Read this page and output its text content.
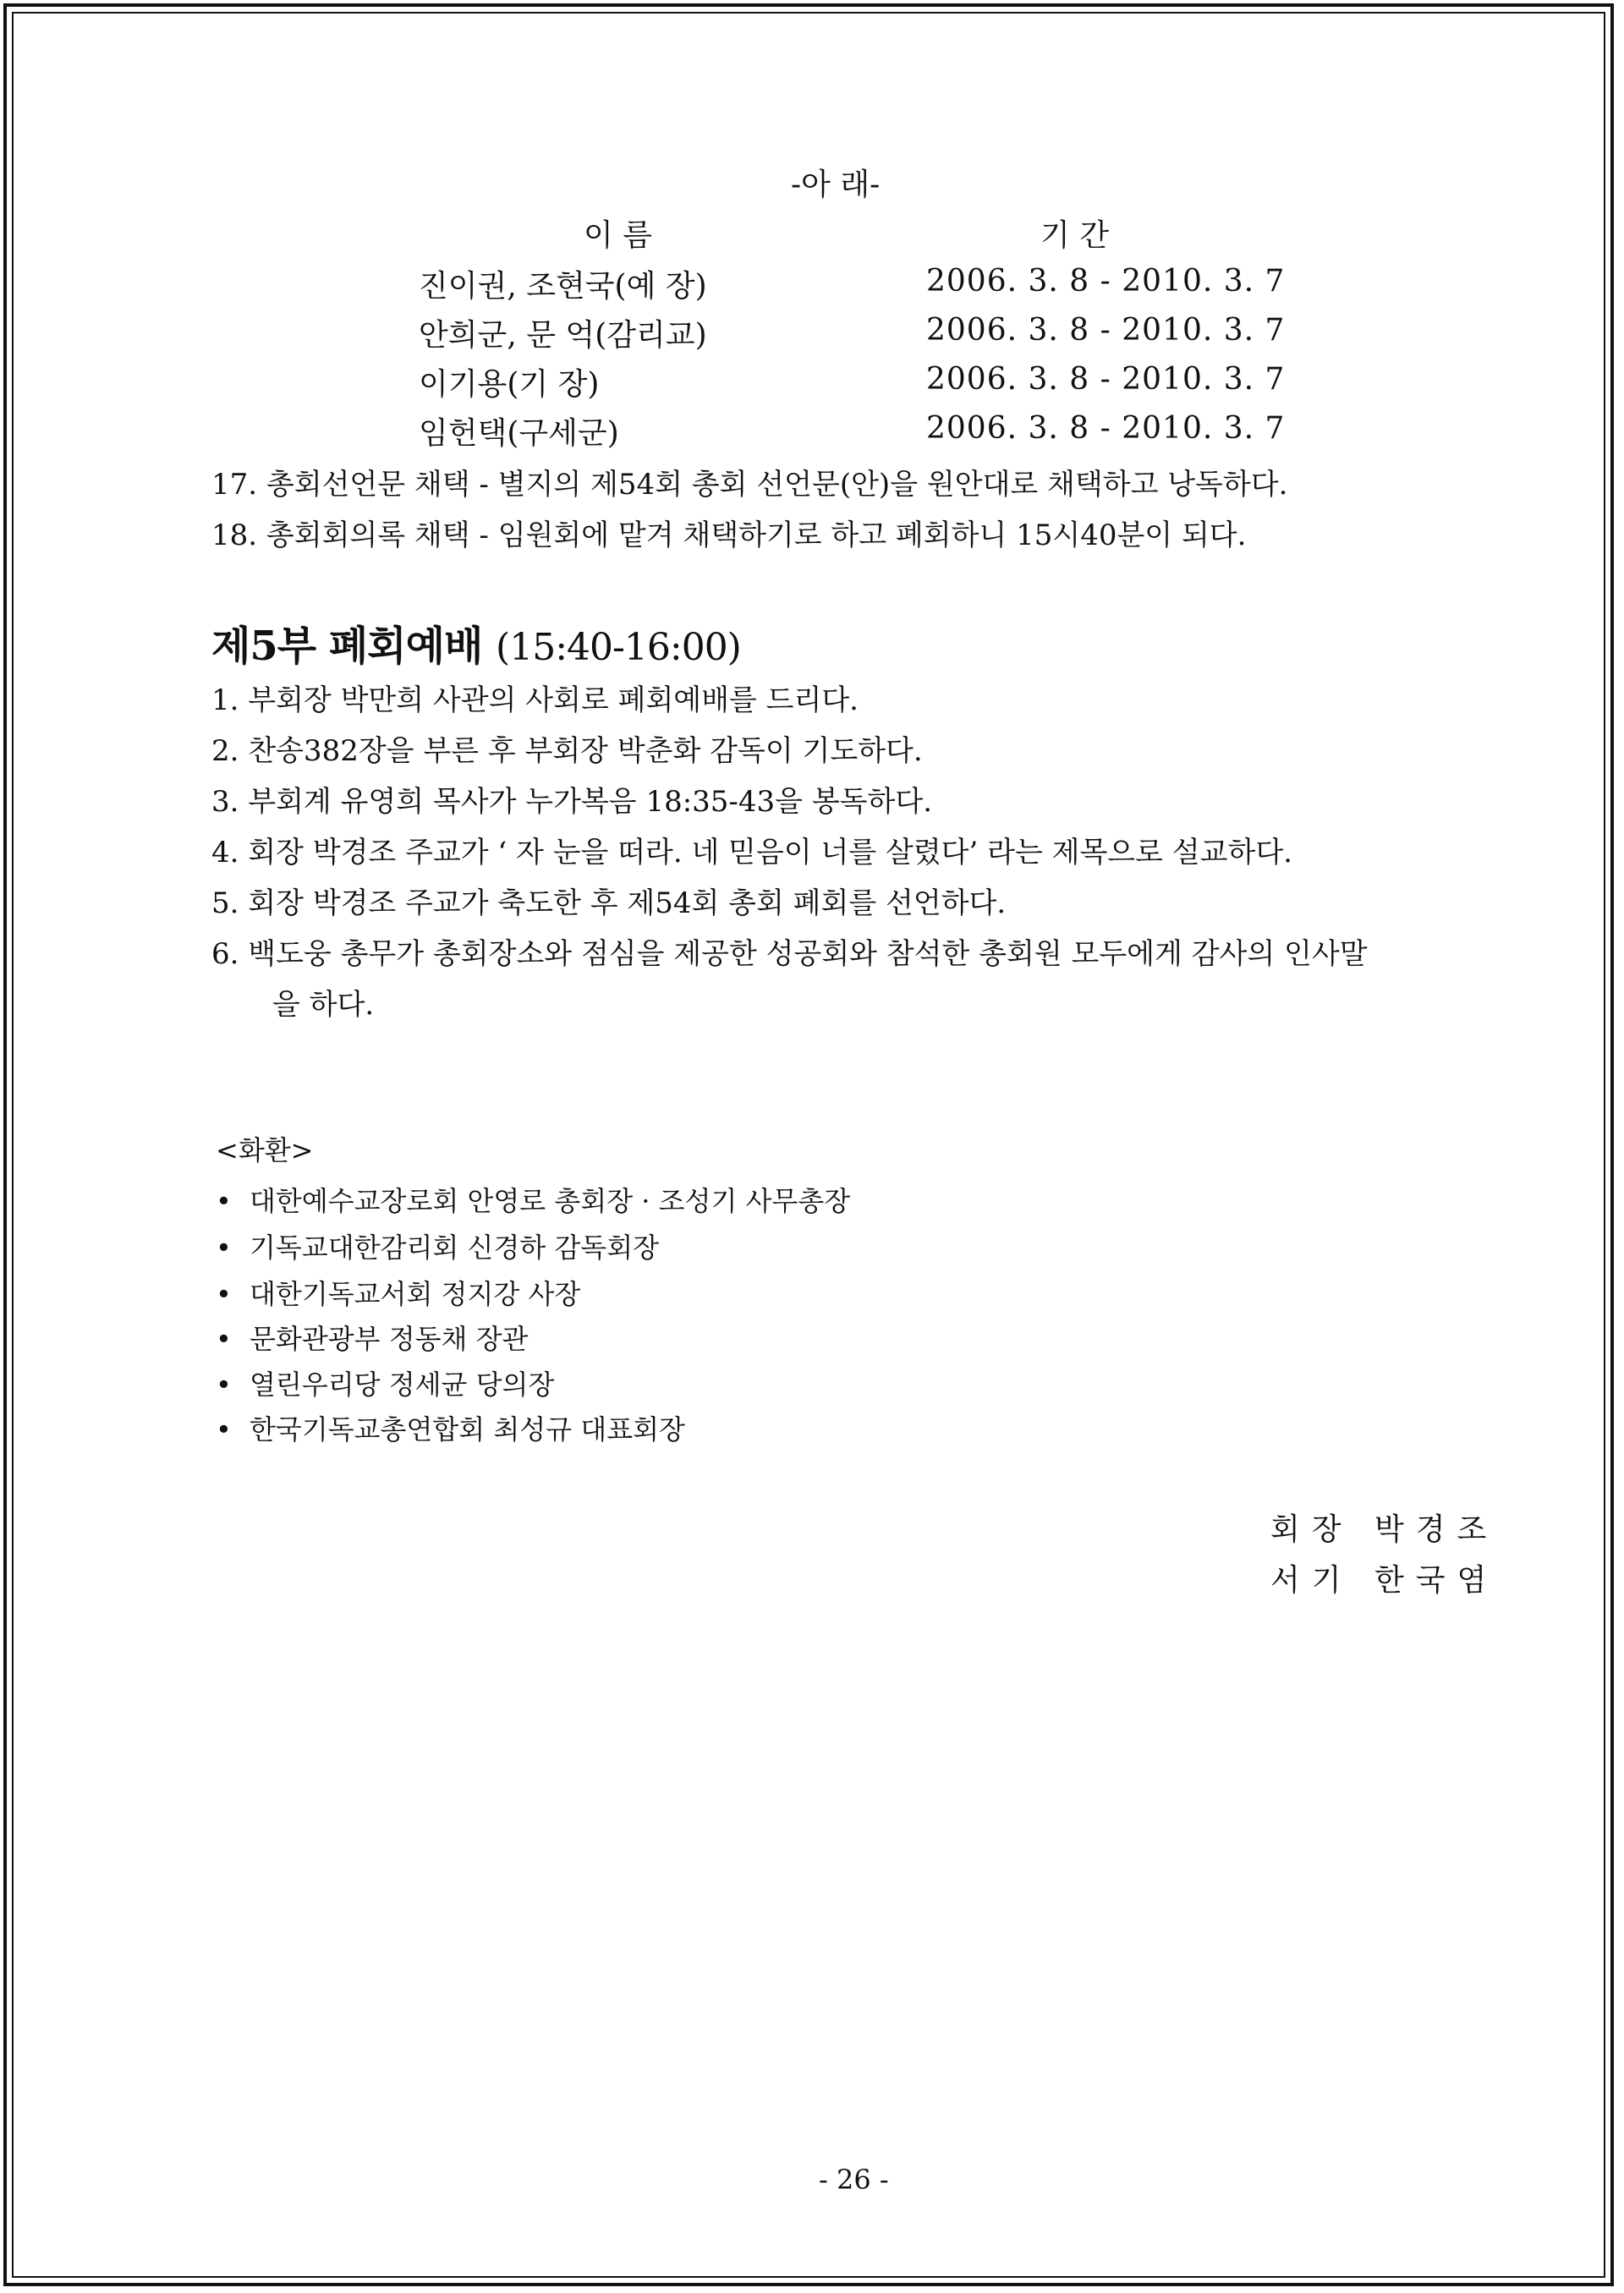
-아 래-
이 름	기 간
진이권, 조현국(예 장)	2006. 3. 8 - 2010. 3. 7
안희군, 문 억(감리교)	2006. 3. 8 - 2010. 3. 7
이기용(기 장)	2006. 3. 8 - 2010. 3. 7
임헌택(구세군)	2006. 3. 8 - 2010. 3. 7
17. 총회선언문 채택 - 별지의 제54회 총회 선언문(안)을 원안대로 채택하고 낭독하다.
18. 총회회의록 채택 - 임원회에 맡겨 채택하기로 하고 폐회하니 15시40분이 되다.
제5부 폐회예배 (15:40-16:00)
1. 부회장 박만희 사관의 사회로 폐회예배를 드리다.
2. 찬송382장을 부른 후 부회장 박춘화 감독이 기도하다.
3. 부회계 유영희 목사가 누가복음 18:35-43을 봉독하다.
4. 회장 박경조 주교가 ‘ 자 눈을 떠라. 네 믿음이 너를 살렸다’ 라는 제목으로 설교하다.
5. 회장 박경조 주교가 축도한 후 제54회 총회 폐회를 선언하다.
6. 백도웅 총무가 총회장소와 점심을 제공한 성공회와 참석한 총회원 모두에게 감사의 인사말
을 하다.
<화환>
• 대한예수교장로회 안영로 총회장 · 조성기 사무총장
• 기독교대한감리회 신경하 감독회장
• 대한기독교서회 정지강 사장
• 문화관광부 정동채 장관
• 열린우리당 정세균 당의장
• 한국기독교총연합회 최성규 대표회장
회장 박경조
서기 한국염
- 26 -
